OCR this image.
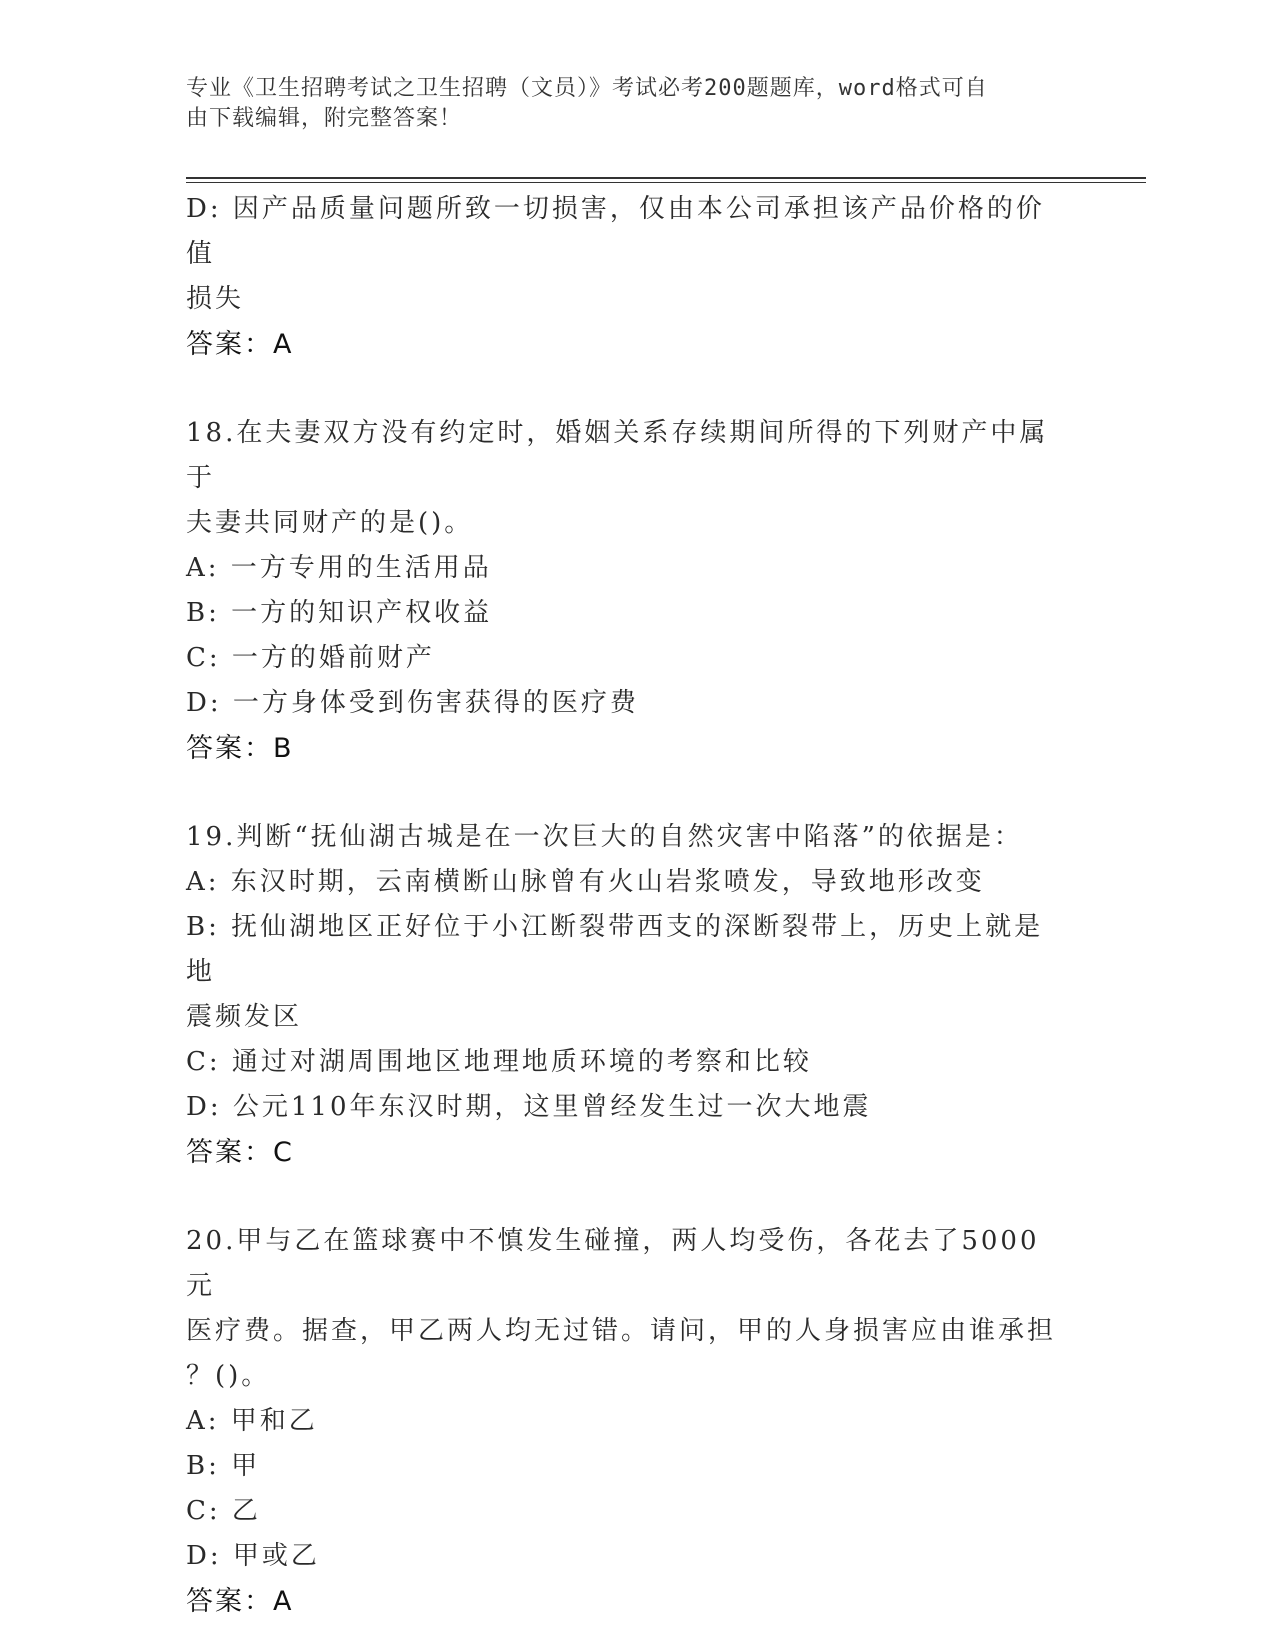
专业《卫生招聘考试之卫生招聘（文员）》考试必考200题题库，word格式可自
由下载编辑，附完整答案！
D: 因产品质量问题所致一切损害，仅由本公司承担该产品价格的价值
损失
答案：A
18.在夫妻双方没有约定时，婚姻关系存续期间所得的下列财产中属于
夫妻共同财产的是()。
A: 一方专用的生活用品
B: 一方的知识产权收益
C: 一方的婚前财产
D: 一方身体受到伤害获得的医疗费
答案：B
19.判断“抚仙湖古城是在一次巨大的自然灾害中陷落”的依据是：
A: 东汉时期，云南横断山脉曾有火山岩浆喷发，导致地形改变
B: 抚仙湖地区正好位于小江断裂带西支的深断裂带上，历史上就是地
震频发区
C: 通过对湖周围地区地理地质环境的考察和比较
D: 公元110年东汉时期，这里曾经发生过一次大地震
答案：C
20.甲与乙在篮球赛中不慎发生碰撞，两人均受伤，各花去了5000元
医疗费。据查，甲乙两人均无过错。请问，甲的人身损害应由谁承担
？()。
A: 甲和乙
B: 甲
C: 乙
D: 甲或乙
答案：A
